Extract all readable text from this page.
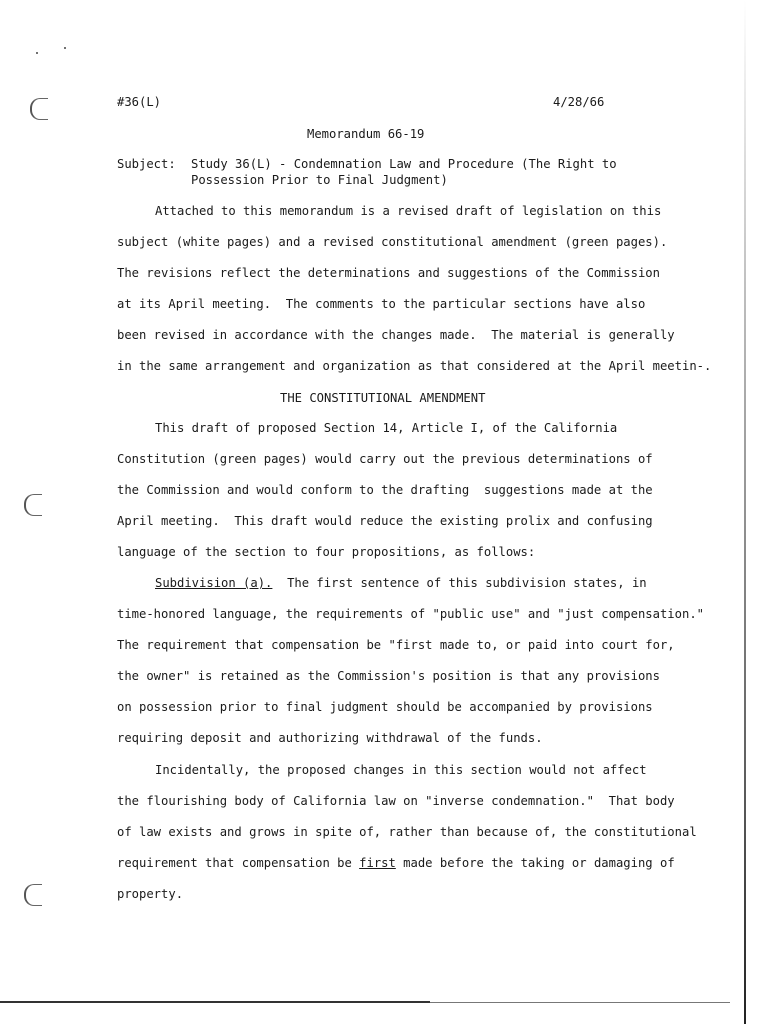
#36(L)	4/28/66
Memorandum 66-19
Subject: Study 36(L) - Condemnation Law and Procedure (The Right to
Possession Prior to Final Judgment)
Attached to this memorandum is a revised draft of legislation on this
subject (white pages) and a revised constitutional amendment (green pages).
The revisions reflect the determinations and suggestions of the Commission
at its April meeting.  The comments to the particular sections have also
been revised in accordance with the changes made.  The material is generally
in the same arrangement and organization as that considered at the April meetin-.
THE CONSTITUTIONAL AMENDMENT
This draft of proposed Section 14, Article I, of the California
Constitution (green pages) would carry out the previous determinations of
the Commission and would conform to the drafting  suggestions made at the
April meeting.  This draft would reduce the existing prolix and confusing
language of the section to four propositions, as follows:
Subdivision (a).  The first sentence of this subdivision states, in
time-honored language, the requirements of "public use" and "just compensation."
The requirement that compensation be "first made to, or paid into court for,
the owner" is retained as the Commission's position is that any provisions
on possession prior to final judgment should be accompanied by provisions
requiring deposit and authorizing withdrawal of the funds.
Incidentally, the proposed changes in this section would not affect
the flourishing body of California law on "inverse condemnation."  That body
of law exists and grows in spite of, rather than because of, the constitutional
requirement that compensation be first made before the taking or damaging of
property.
